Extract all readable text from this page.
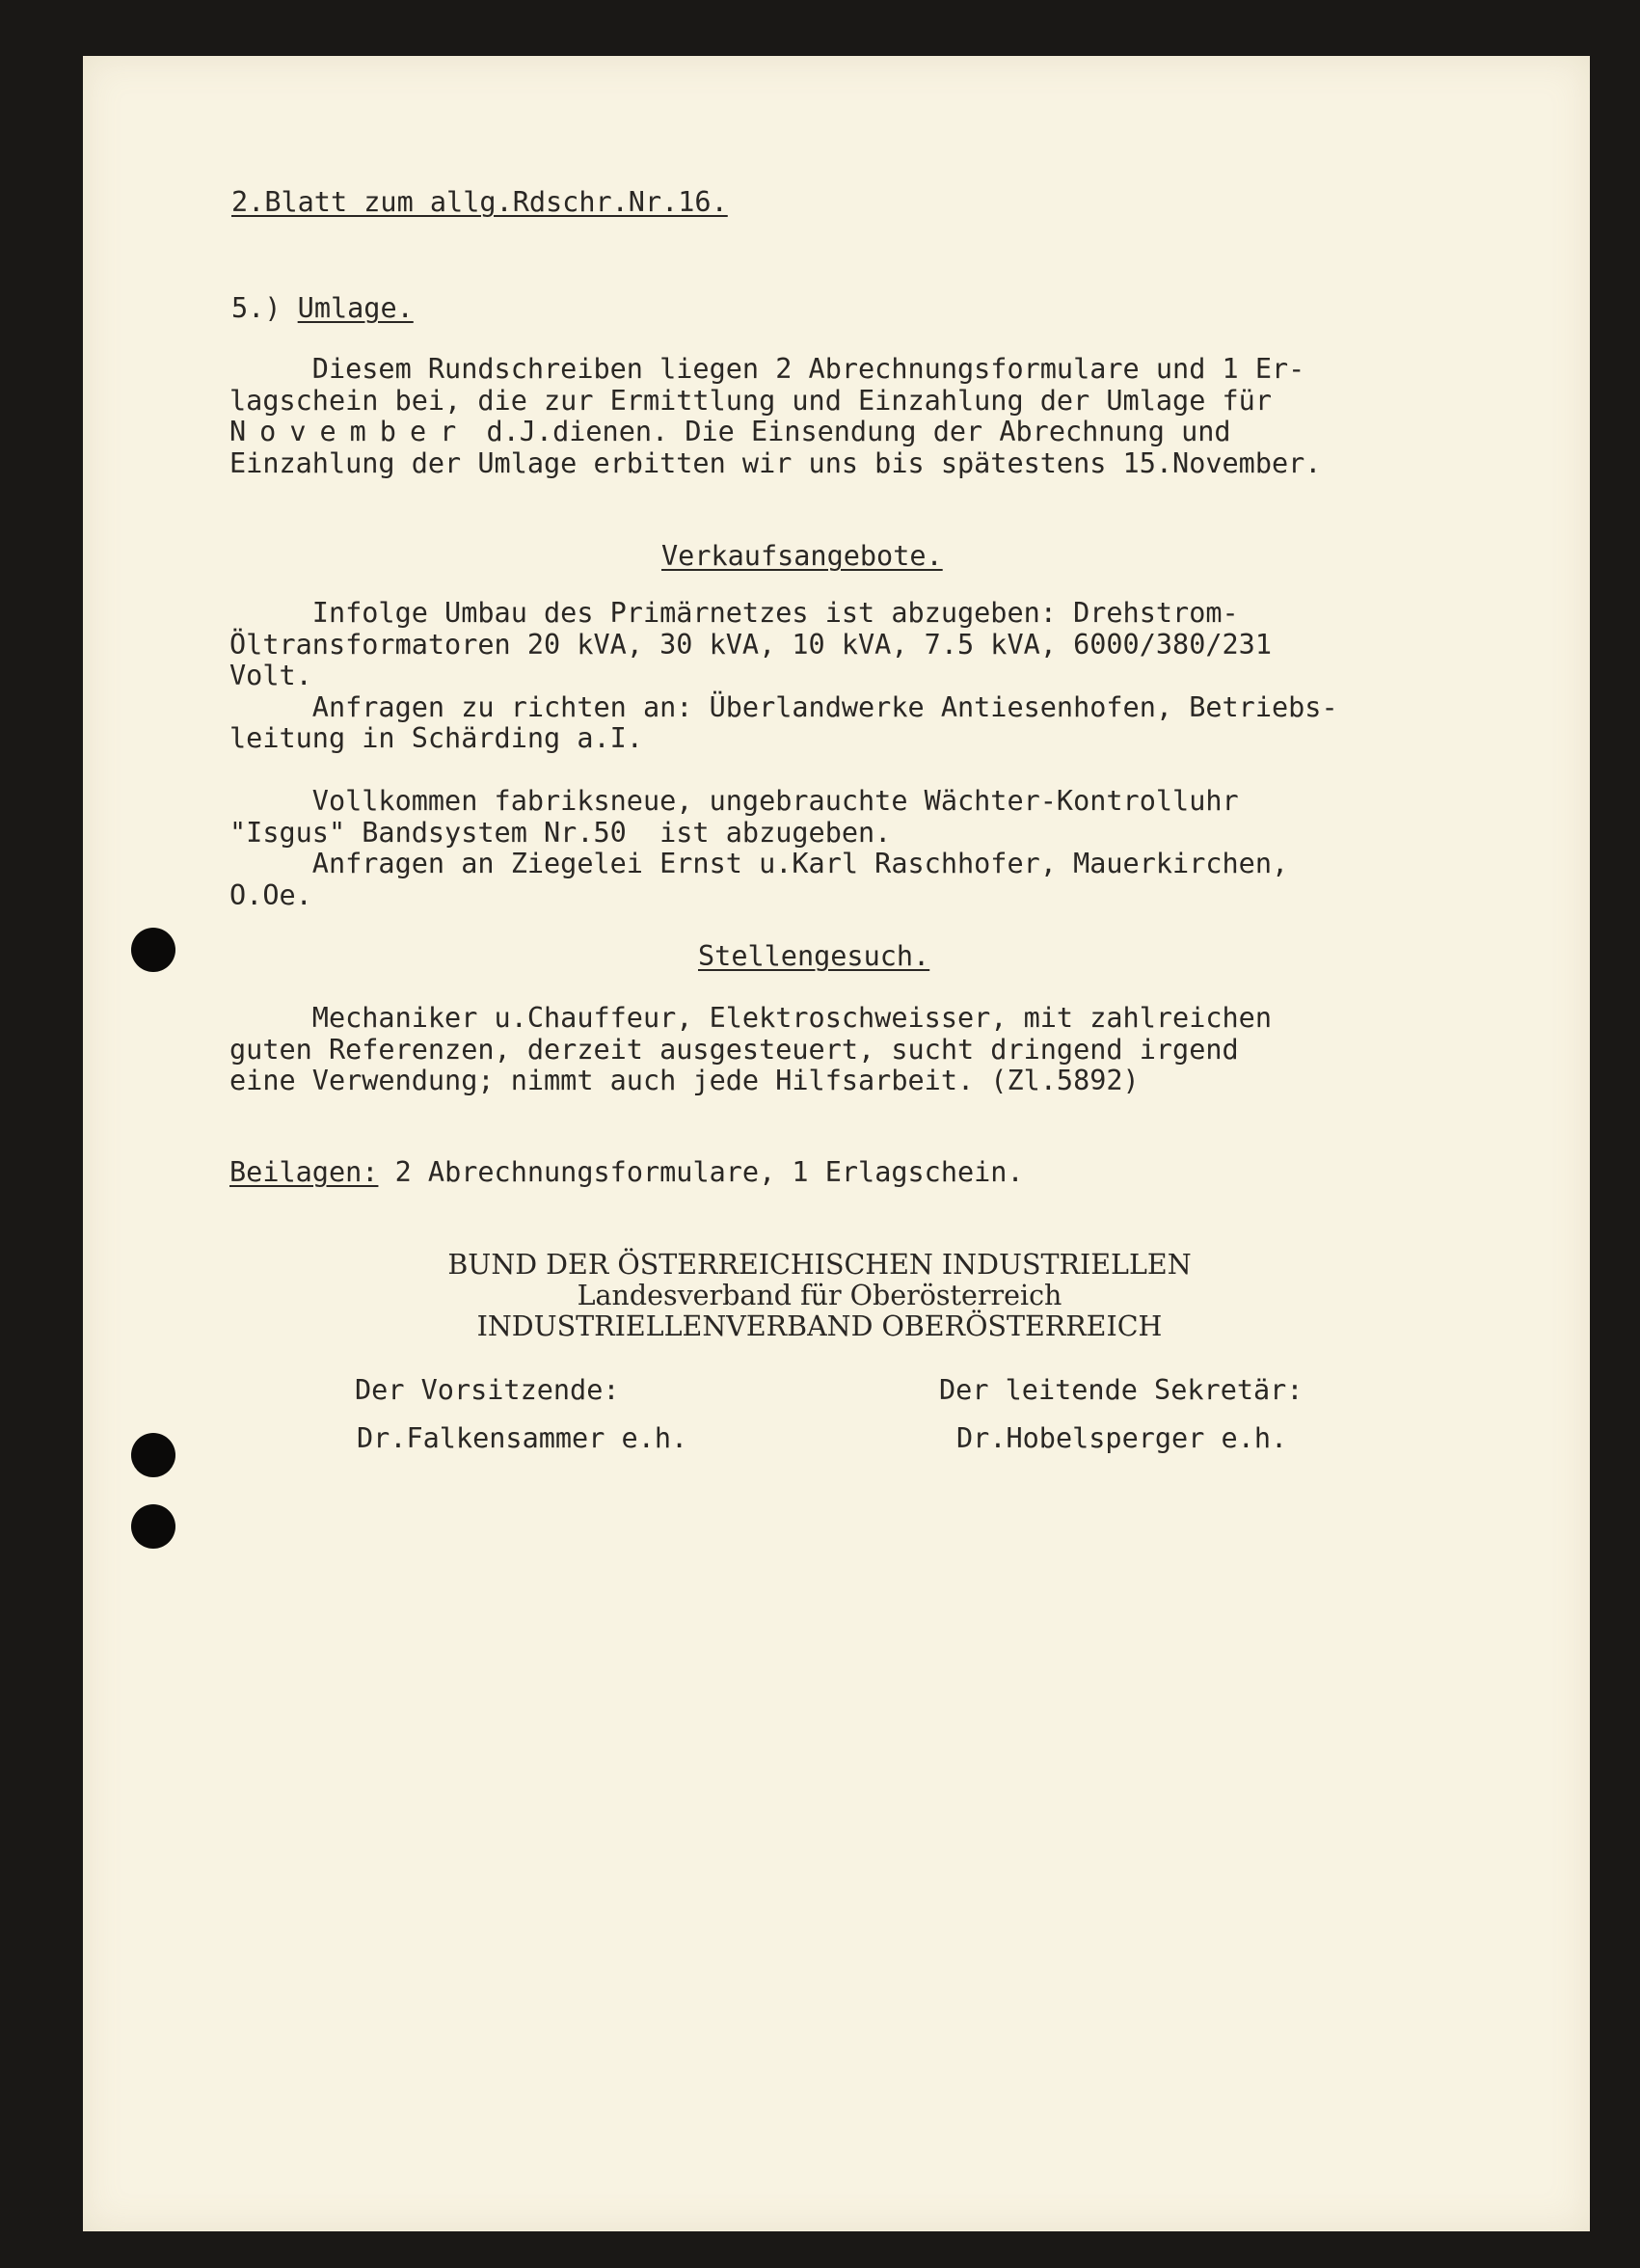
2.Blatt zum allg.Rdschr.Nr.16.
5.) Umlage.
Diesem Rundschreiben liegen 2 Abrechnungsformulare und 1 Er-
lagschein bei, die zur Ermittlung und Einzahlung der Umlage für
November d.J.dienen. Die Einsendung der Abrechnung und
Einzahlung der Umlage erbitten wir uns bis spätestens 15.November.
Verkaufsangebote.
Infolge Umbau des Primärnetzes ist abzugeben: Drehstrom-
Öltransformatoren 20 kVA, 30 kVA, 10 kVA, 7.5 kVA, 6000/380/231
Volt.
Anfragen zu richten an: Überlandwerke Antiesenhofen, Betriebs-
leitung in Schärding a.I.
Vollkommen fabriksneue, ungebrauchte Wächter-Kontrolluhr
"Isgus" Bandsystem Nr.50  ist abzugeben.
Anfragen an Ziegelei Ernst u.Karl Raschhofer, Mauerkirchen,
O.Oe.
Stellengesuch.
Mechaniker u.Chauffeur, Elektroschweisser, mit zahlreichen
guten Referenzen, derzeit ausgesteuert, sucht dringend irgend
eine Verwendung; nimmt auch jede Hilfsarbeit. (Zl.5892)
Beilagen: 2 Abrechnungsformulare, 1 Erlagschein.
BUND DER ÖSTERREICHISCHEN INDUSTRIELLEN
Landesverband für Oberösterreich
INDUSTRIELLENVERBAND OBERÖSTERREICH
Der Vorsitzende:
Dr.Falkensammer e.h.
Der leitende Sekretär:
Dr.Hobelsperger e.h.
